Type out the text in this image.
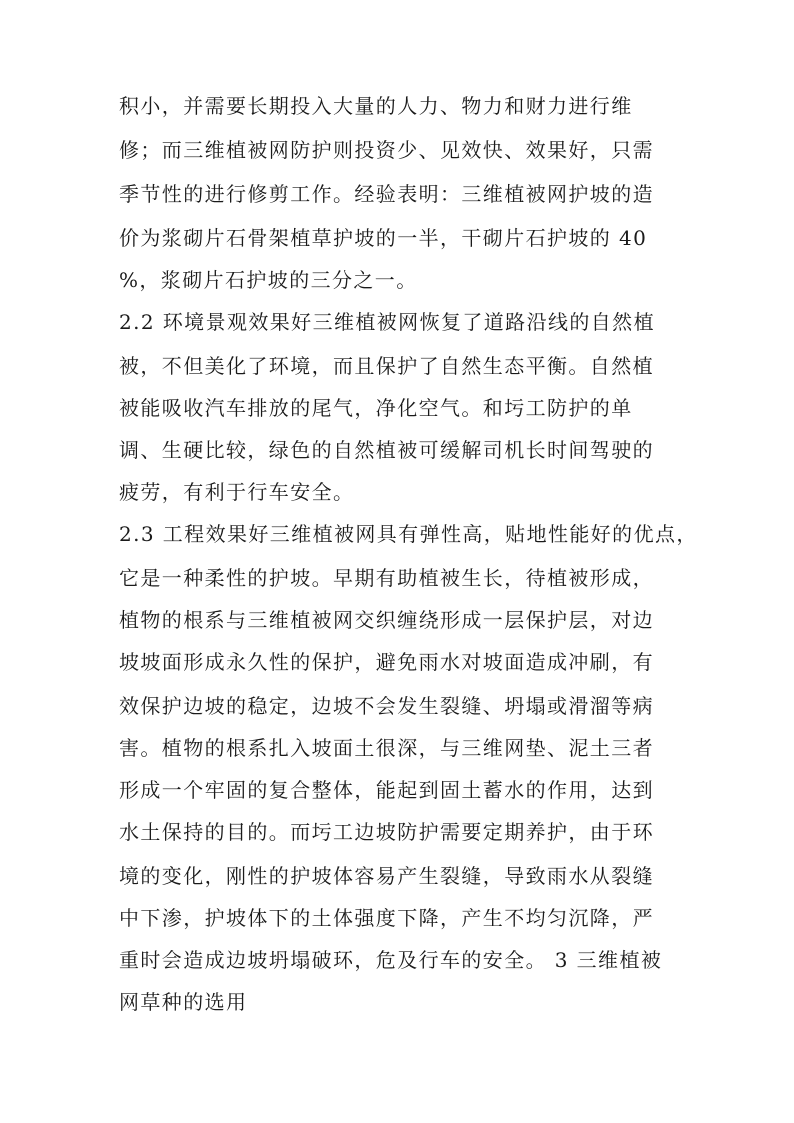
积小，并需要长期投入大量的人力、物力和财力进行维
修；而三维植被网防护则投资少、见效快、效果好，只需
季节性的进行修剪工作。经验表明：三维植被网护坡的造
价为浆砌片石骨架植草护坡的一半，干砌片石护坡的 40
%，浆砌片石护坡的三分之一。
2.2 环境景观效果好三维植被网恢复了道路沿线的自然植
被，不但美化了环境，而且保护了自然生态平衡。自然植
被能吸收汽车排放的尾气，净化空气。和圬工防护的单
调、生硬比较，绿色的自然植被可缓解司机长时间驾驶的
疲劳，有利于行车安全。
2.3 工程效果好三维植被网具有弹性高，贴地性能好的优点，
它是一种柔性的护坡。早期有助植被生长，待植被形成，
植物的根系与三维植被网交织缠绕形成一层保护层，对边
坡坡面形成永久性的保护，避免雨水对坡面造成冲刷，有
效保护边坡的稳定，边坡不会发生裂缝、坍塌或滑溜等病
害。植物的根系扎入坡面土很深，与三维网垫、泥土三者
形成一个牢固的复合整体，能起到固土蓄水的作用，达到
水土保持的目的。而圬工边坡防护需要定期养护，由于环
境的变化，刚性的护坡体容易产生裂缝，导致雨水从裂缝
中下渗，护坡体下的土体强度下降，产生不均匀沉降，严
重时会造成边坡坍塌破环，危及行车的安全。 3 三维植被
网草种的选用
